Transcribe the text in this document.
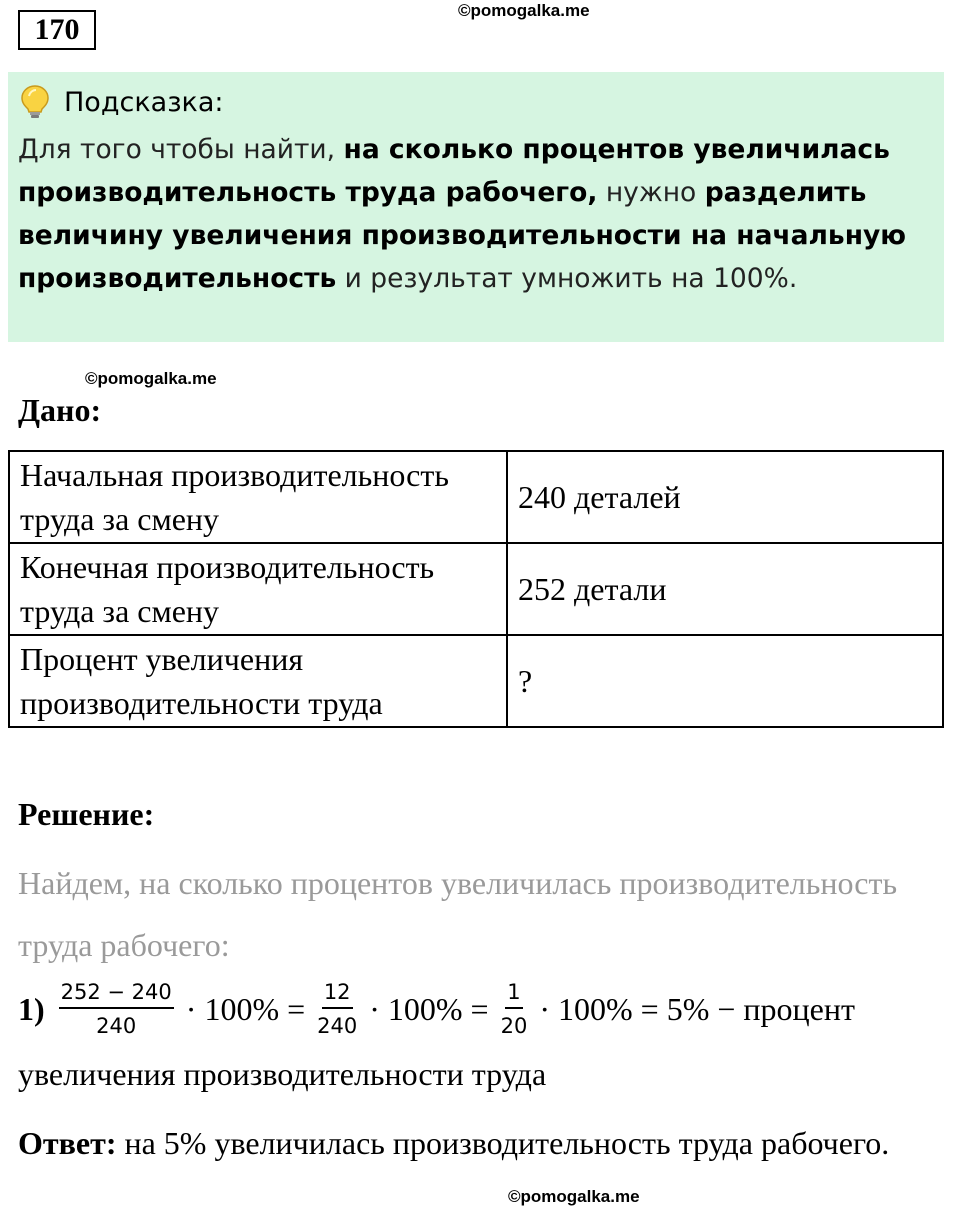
170
©pomogalka.me
Подсказка:
Для того чтобы найти, на сколько процентов увеличилась производительность труда рабочего, нужно разделить величину увеличения производительности на начальную производительность и результат умножить на 100%.
©pomogalka.me
Дано:
Начальная производительность труда за смену	240 деталей
Конечная производительность труда за смену	252 детали
Процент увеличения производительности труда	?
Решение:
Найдем, на сколько процентов увеличилась производительность труда рабочего:
$1) \frac{252 - 240}{240} \cdot 100\% = \frac{12}{240} \cdot 100\% = \frac{1}{20} \cdot 100\% = 5\%$ − процент
увеличения производительности труда
Ответ: на 5% увеличилась производительность труда рабочего.
©pomogalka.me
